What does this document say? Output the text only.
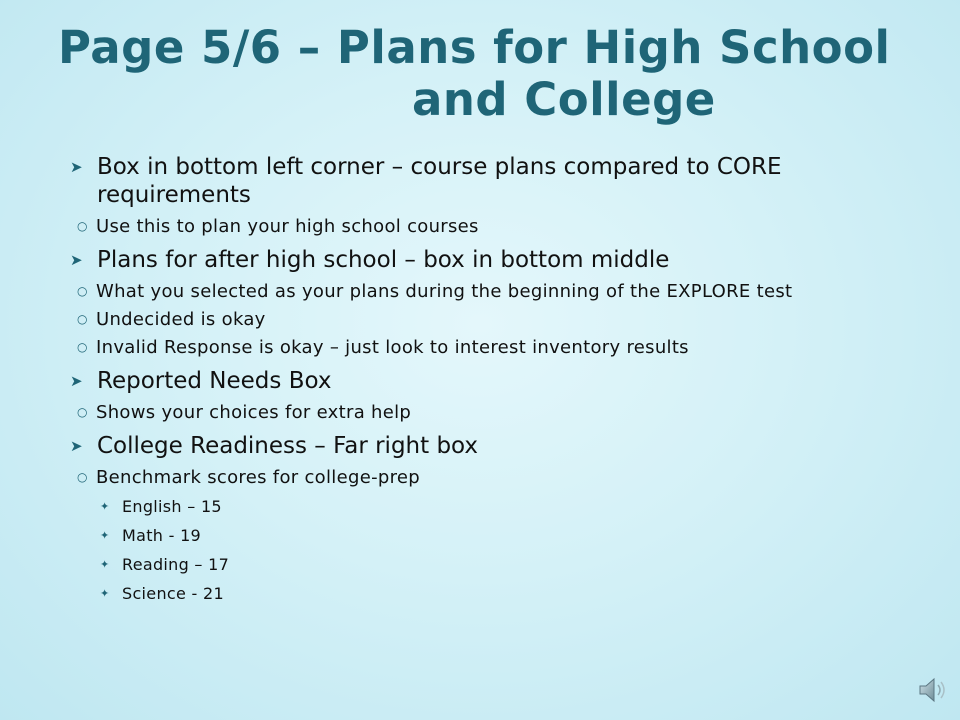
Page 5/6 – Plans for High School
and College
➤ Box in bottom left corner – course plans compared to CORE requirements
○ Use this to plan your high school courses
➤ Plans for after high school – box in bottom middle
○ What you selected as your plans during the beginning of the EXPLORE test
○ Undecided is okay
○ Invalid Response is okay – just look to interest inventory results
➤ Reported Needs Box
○ Shows your choices for extra help
➤ College Readiness – Far right box
○ Benchmark scores for college-prep
✦ English – 15
✦ Math - 19
✦ Reading – 17
✦ Science - 21
